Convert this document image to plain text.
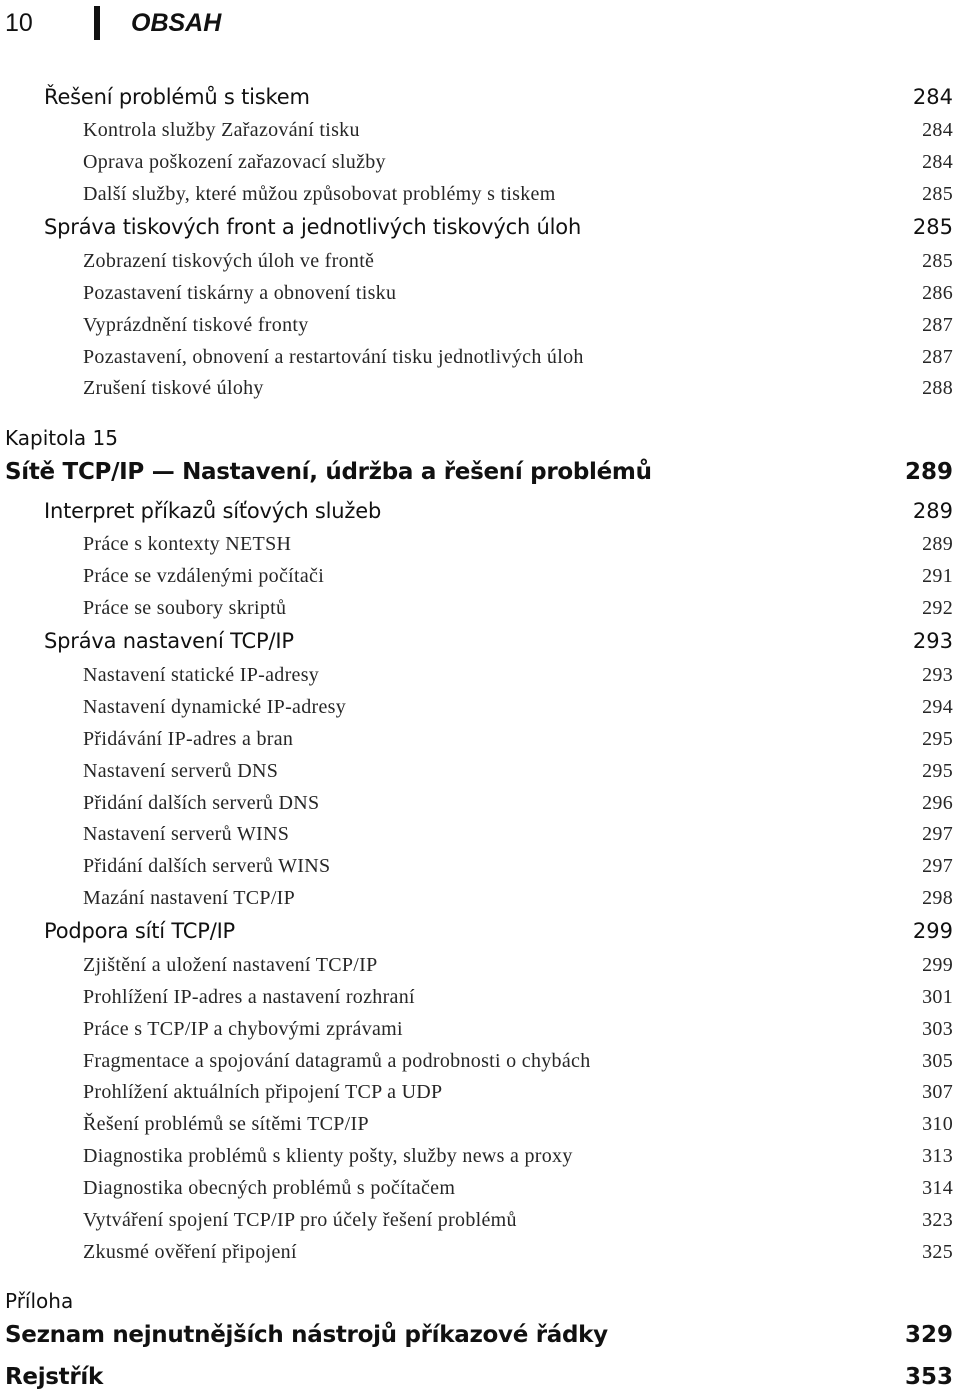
10	OBSAH
Řešení problémů s tiskem	284
Kontrola služby Zařazování tisku	284
Oprava poškození zařazovací služby	284
Další služby, které můžou způsobovat problémy s tiskem	285
Správa tiskových front a jednotlivých tiskových úloh	285
Zobrazení tiskových úloh ve frontě	285
Pozastavení tiskárny a obnovení tisku	286
Vyprázdnění tiskové fronty	287
Pozastavení, obnovení a restartování tisku jednotlivých úloh	287
Zrušení tiskové úlohy	288
Kapitola 15
Sítě TCP/IP — Nastavení, údržba a řešení problémů	289
Interpret příkazů síťových služeb	289
Práce s kontexty NETSH	289
Práce se vzdálenými počítači	291
Práce se soubory skriptů	292
Správa nastavení TCP/IP	293
Nastavení statické IP-adresy	293
Nastavení dynamické IP-adresy	294
Přidávání IP-adres a bran	295
Nastavení serverů DNS	295
Přidání dalších serverů DNS	296
Nastavení serverů WINS	297
Přidání dalších serverů WINS	297
Mazání nastavení TCP/IP	298
Podpora sítí TCP/IP	299
Zjištění a uložení nastavení TCP/IP	299
Prohlížení IP-adres a nastavení rozhraní	301
Práce s TCP/IP a chybovými zprávami	303
Fragmentace a spojování datagramů a podrobnosti o chybách	305
Prohlížení aktuálních připojení TCP a UDP	307
Řešení problémů se sítěmi TCP/IP	310
Diagnostika problémů s klienty pošty, služby news a proxy	313
Diagnostika obecných problémů s počítačem	314
Vytváření spojení TCP/IP pro účely řešení problémů	323
Zkusmé ověření připojení	325
Příloha
Seznam nejnutnějších nástrojů příkazové řádky	329
Rejstřík	353
